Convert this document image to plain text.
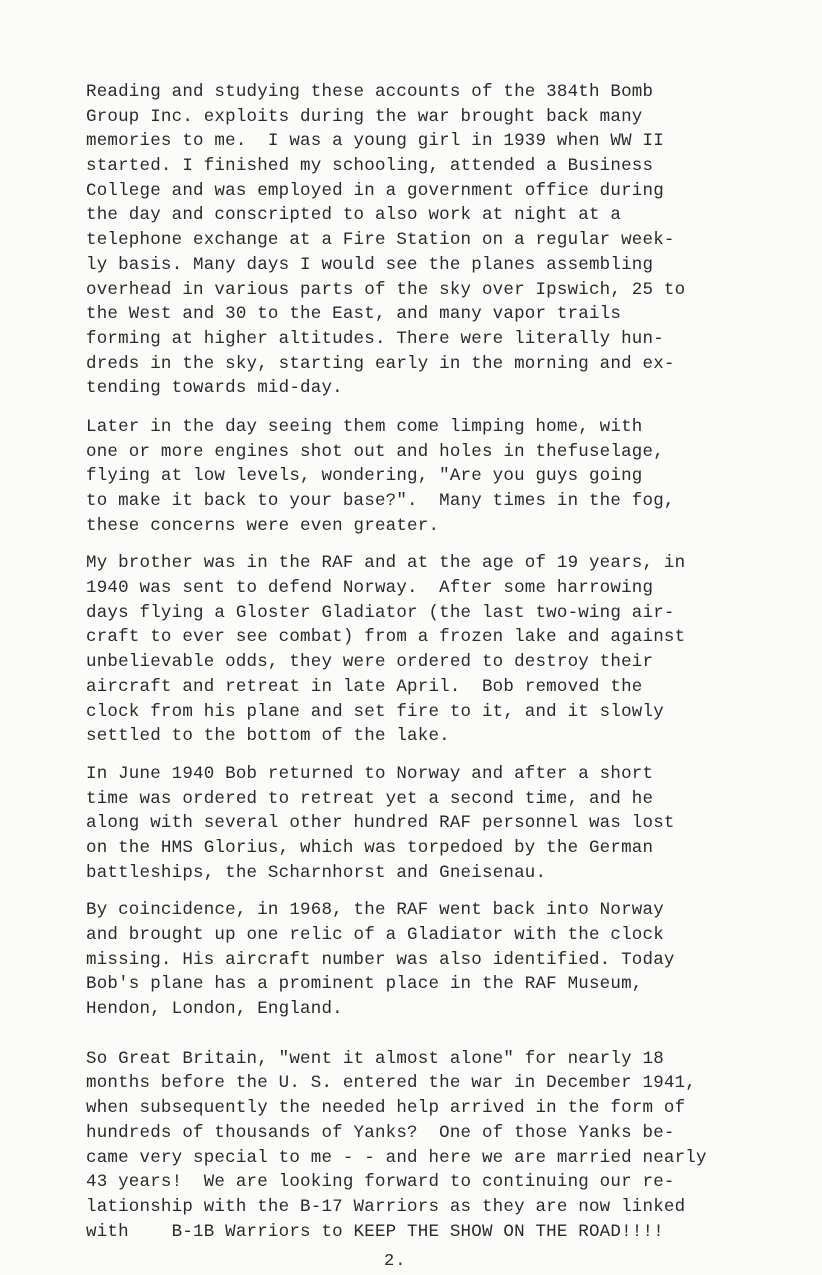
Reading and studying these accounts of the 384th Bomb
Group Inc. exploits during the war brought back many
memories to me.  I was a young girl in 1939 when WW II
started. I finished my schooling, attended a Business
College and was employed in a government office during
the day and conscripted to also work at night at a
telephone exchange at a Fire Station on a regular week-
ly basis. Many days I would see the planes assembling
overhead in various parts of the sky over Ipswich, 25 to
the West and 30 to the East, and many vapor trails
forming at higher altitudes. There were literally hun-
dreds in the sky, starting early in the morning and ex-
tending towards mid-day.

Later in the day seeing them come limping home, with
one or more engines shot out and holes in thefuselage,
flying at low levels, wondering, "Are you guys going
to make it back to your base?".  Many times in the fog,
these concerns were even greater.

My brother was in the RAF and at the age of 19 years, in
1940 was sent to defend Norway.  After some harrowing
days flying a Gloster Gladiator (the last two-wing air-
craft to ever see combat) from a frozen lake and against
unbelievable odds, they were ordered to destroy their
aircraft and retreat in late April.  Bob removed the
clock from his plane and set fire to it, and it slowly
settled to the bottom of the lake.

In June 1940 Bob returned to Norway and after a short
time was ordered to retreat yet a second time, and he
along with several other hundred RAF personnel was lost
on the HMS Glorius, which was torpedoed by the German
battleships, the Scharnhorst and Gneisenau.

By coincidence, in 1968, the RAF went back into Norway
and brought up one relic of a Gladiator with the clock
missing. His aircraft number was also identified. Today
Bob's plane has a prominent place in the RAF Museum,
Hendon, London, England.

So Great Britain, "went it almost alone" for nearly 18
months before the U. S. entered the war in December 1941,
when subsequently the needed help arrived in the form of
hundreds of thousands of Yanks?  One of those Yanks be-
came very special to me - - and here we are married nearly
43 years!  We are looking forward to continuing our re-
lationship with the B-17 Warriors as they are now linked
with    B-1B Warriors to KEEP THE SHOW ON THE ROAD!!!!

2.
